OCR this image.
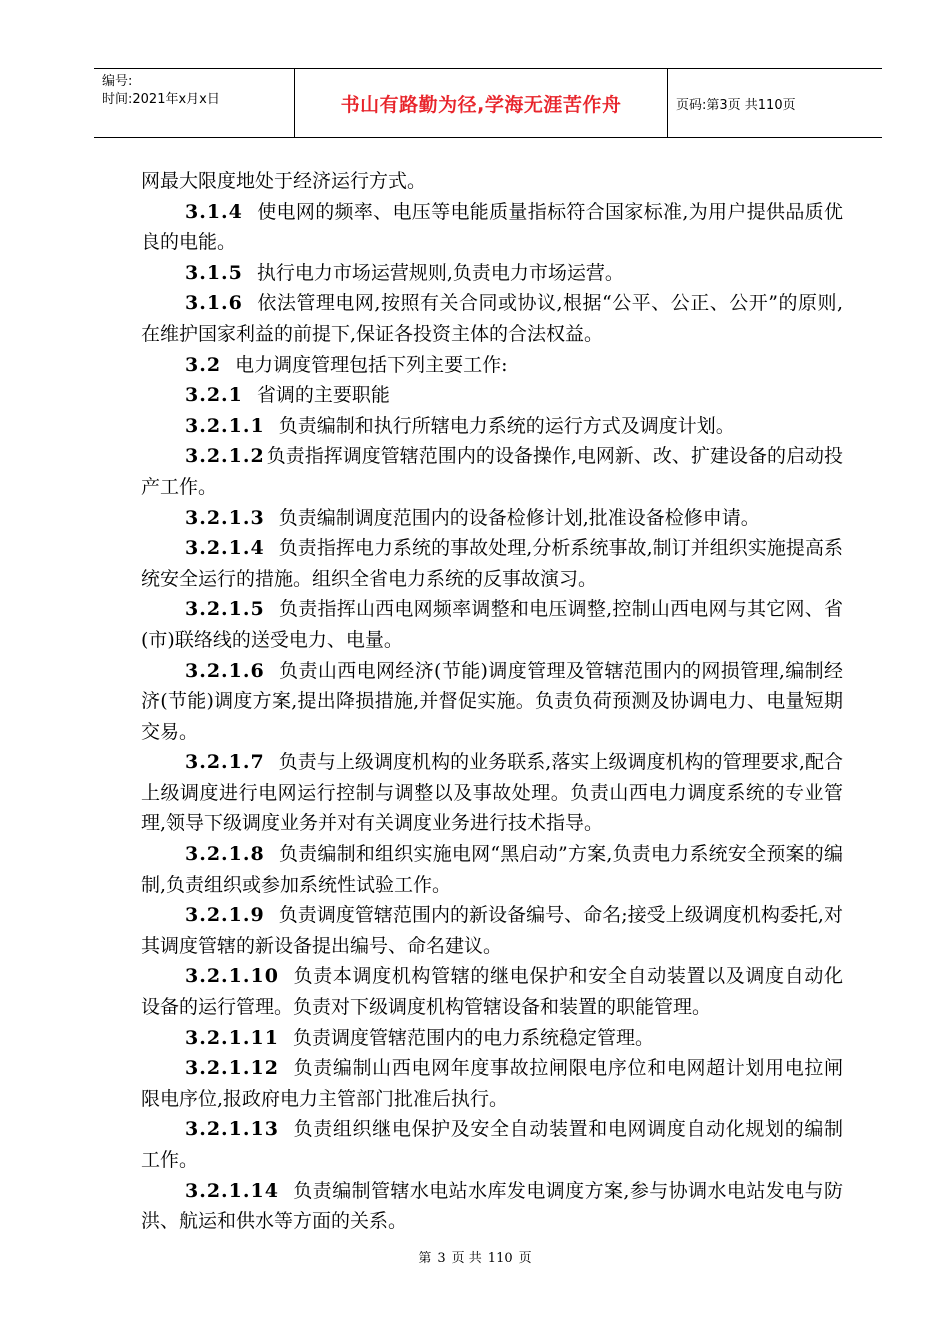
编号:
时间:2021年x月x日	书山有路勤为径,学海无涯苦作舟	页码:第3页 共110页

网最大限度地处于经济运行方式。

3.1.4 使电网的频率、电压等电能质量指标符合国家标准,为用户提供品质优良的电能。

3.1.5 执行电力市场运营规则,负责电力市场运营。

3.1.6 依法管理电网,按照有关合同或协议,根据“公平、公正、公开”的原则,在维护国家利益的前提下,保证各投资主体的合法权益。

3.2 电力调度管理包括下列主要工作:

3.2.1 省调的主要职能

3.2.1.1 负责编制和执行所辖电力系统的运行方式及调度计划。

3.2.1.2 负责指挥调度管辖范围内的设备操作,电网新、改、扩建设备的启动投产工作。

3.2.1.3 负责编制调度范围内的设备检修计划,批准设备检修申请。

3.2.1.4 负责指挥电力系统的事故处理,分析系统事故,制订并组织实施提高系统安全运行的措施。组织全省电力系统的反事故演习。

3.2.1.5 负责指挥山西电网频率调整和电压调整,控制山西电网与其它网、省(市)联络线的送受电力、电量。

3.2.1.6 负责山西电网经济(节能)调度管理及管辖范围内的网损管理,编制经济(节能)调度方案,提出降损措施,并督促实施。负责负荷预测及协调电力、电量短期交易。

3.2.1.7 负责与上级调度机构的业务联系,落实上级调度机构的管理要求,配合上级调度进行电网运行控制与调整以及事故处理。负责山西电力调度系统的专业管理,领导下级调度业务并对有关调度业务进行技术指导。

3.2.1.8 负责编制和组织实施电网“黑启动”方案,负责电力系统安全预案的编制,负责组织或参加系统性试验工作。

3.2.1.9 负责调度管辖范围内的新设备编号、命名;接受上级调度机构委托,对其调度管辖的新设备提出编号、命名建议。

3.2.1.10 负责本调度机构管辖的继电保护和安全自动装置以及调度自动化设备的运行管理。负责对下级调度机构管辖设备和装置的职能管理。

3.2.1.11 负责调度管辖范围内的电力系统稳定管理。

3.2.1.12 负责编制山西电网年度事故拉闸限电序位和电网超计划用电拉闸限电序位,报政府电力主管部门批准后执行。

3.2.1.13 负责组织继电保护及安全自动装置和电网调度自动化规划的编制工作。

3.2.1.14 负责编制管辖水电站水库发电调度方案,参与协调水电站发电与防洪、航运和供水等方面的关系。

第 3 页 共 110 页
